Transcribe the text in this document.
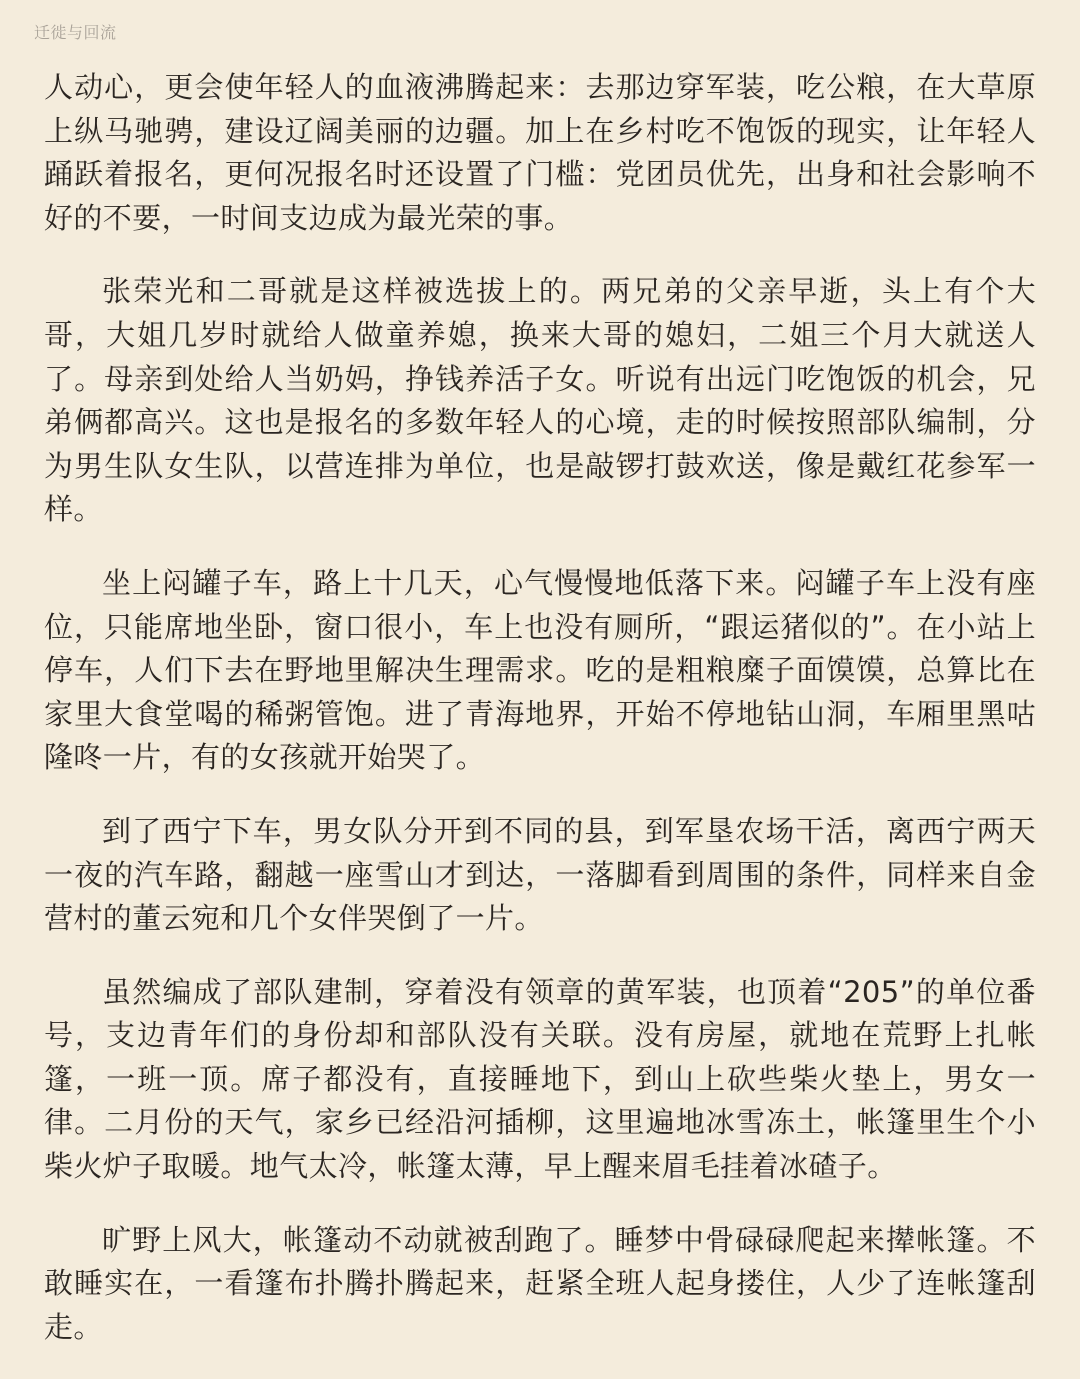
迁徙与回流

人动心，更会使年轻人的血液沸腾起来：去那边穿军装，吃公粮，在大草原上纵马驰骋，建设辽阔美丽的边疆。加上在乡村吃不饱饭的现实，让年轻人踊跃着报名，更何况报名时还设置了门槛：党团员优先，出身和社会影响不好的不要，一时间支边成为最光荣的事。

张荣光和二哥就是这样被选拔上的。两兄弟的父亲早逝，头上有个大哥，大姐几岁时就给人做童养媳，换来大哥的媳妇，二姐三个月大就送人了。母亲到处给人当奶妈，挣钱养活子女。听说有出远门吃饱饭的机会，兄弟俩都高兴。这也是报名的多数年轻人的心境，走的时候按照部队编制，分为男生队女生队，以营连排为单位，也是敲锣打鼓欢送，像是戴红花参军一样。

坐上闷罐子车，路上十几天，心气慢慢地低落下来。闷罐子车上没有座位，只能席地坐卧，窗口很小，车上也没有厕所，“跟运猪似的”。在小站上停车，人们下去在野地里解决生理需求。吃的是粗粮糜子面馍馍，总算比在家里大食堂喝的稀粥管饱。进了青海地界，开始不停地钻山洞，车厢里黑咕隆咚一片，有的女孩就开始哭了。

到了西宁下车，男女队分开到不同的县，到军垦农场干活，离西宁两天一夜的汽车路，翻越一座雪山才到达，一落脚看到周围的条件，同样来自金营村的董云宛和几个女伴哭倒了一片。

虽然编成了部队建制，穿着没有领章的黄军装，也顶着“205”的单位番号，支边青年们的身份却和部队没有关联。没有房屋，就地在荒野上扎帐篷，一班一顶。席子都没有，直接睡地下，到山上砍些柴火垫上，男女一律。二月份的天气，家乡已经沿河插柳，这里遍地冰雪冻土，帐篷里生个小柴火炉子取暖。地气太冷，帐篷太薄，早上醒来眉毛挂着冰碴子。

旷野上风大，帐篷动不动就被刮跑了。睡梦中骨碌碌爬起来撵帐篷。不敢睡实在，一看篷布扑腾扑腾起来，赶紧全班人起身搂住，人少了连帐篷刮走。
